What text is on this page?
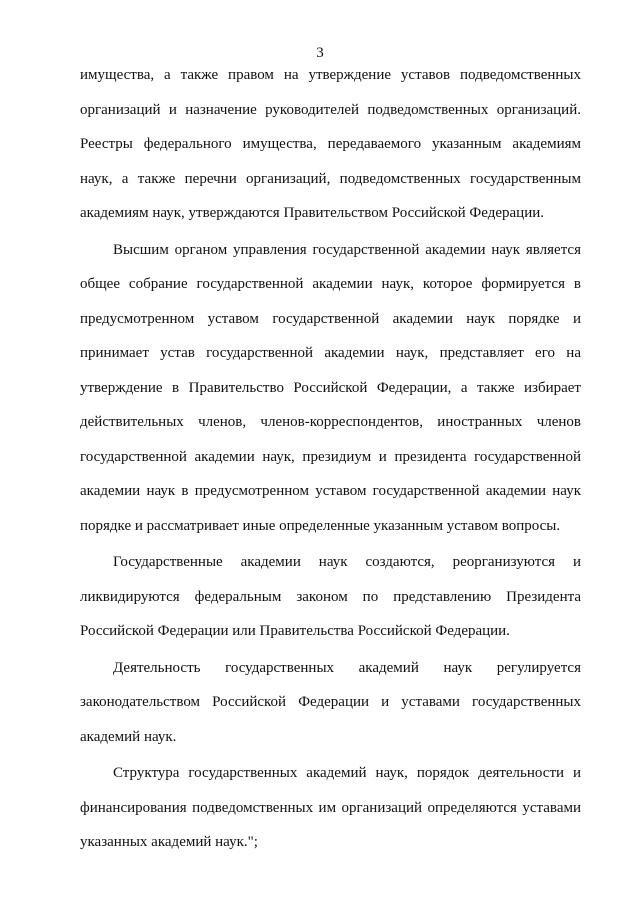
3

имущества, а также правом на утверждение уставов подведомственных организаций и назначение руководителей подведомственных организаций. Реестры федерального имущества, передаваемого указанным академиям наук, а также перечни организаций, подведомственных государственным академиям наук, утверждаются Правительством Российской Федерации.

Высшим органом управления государственной академии наук является общее собрание государственной академии наук, которое формируется в предусмотренном уставом государственной академии наук порядке и принимает устав государственной академии наук, представляет его на утверждение в Правительство Российской Федерации, а также избирает действительных членов, членов-корреспондентов, иностранных членов государственной академии наук, президиум и президента государственной академии наук в предусмотренном уставом государственной академии наук порядке и рассматривает иные определенные указанным уставом вопросы.

Государственные академии наук создаются, реорганизуются и ликвидируются федеральным законом по представлению Президента Российской Федерации или Правительства Российской Федерации.

Деятельность государственных академий наук регулируется законодательством Российской Федерации и уставами государственных академий наук.

Структура государственных академий наук, порядок деятельности и финансирования подведомственных им организаций определяются уставами указанных академий наук.";
